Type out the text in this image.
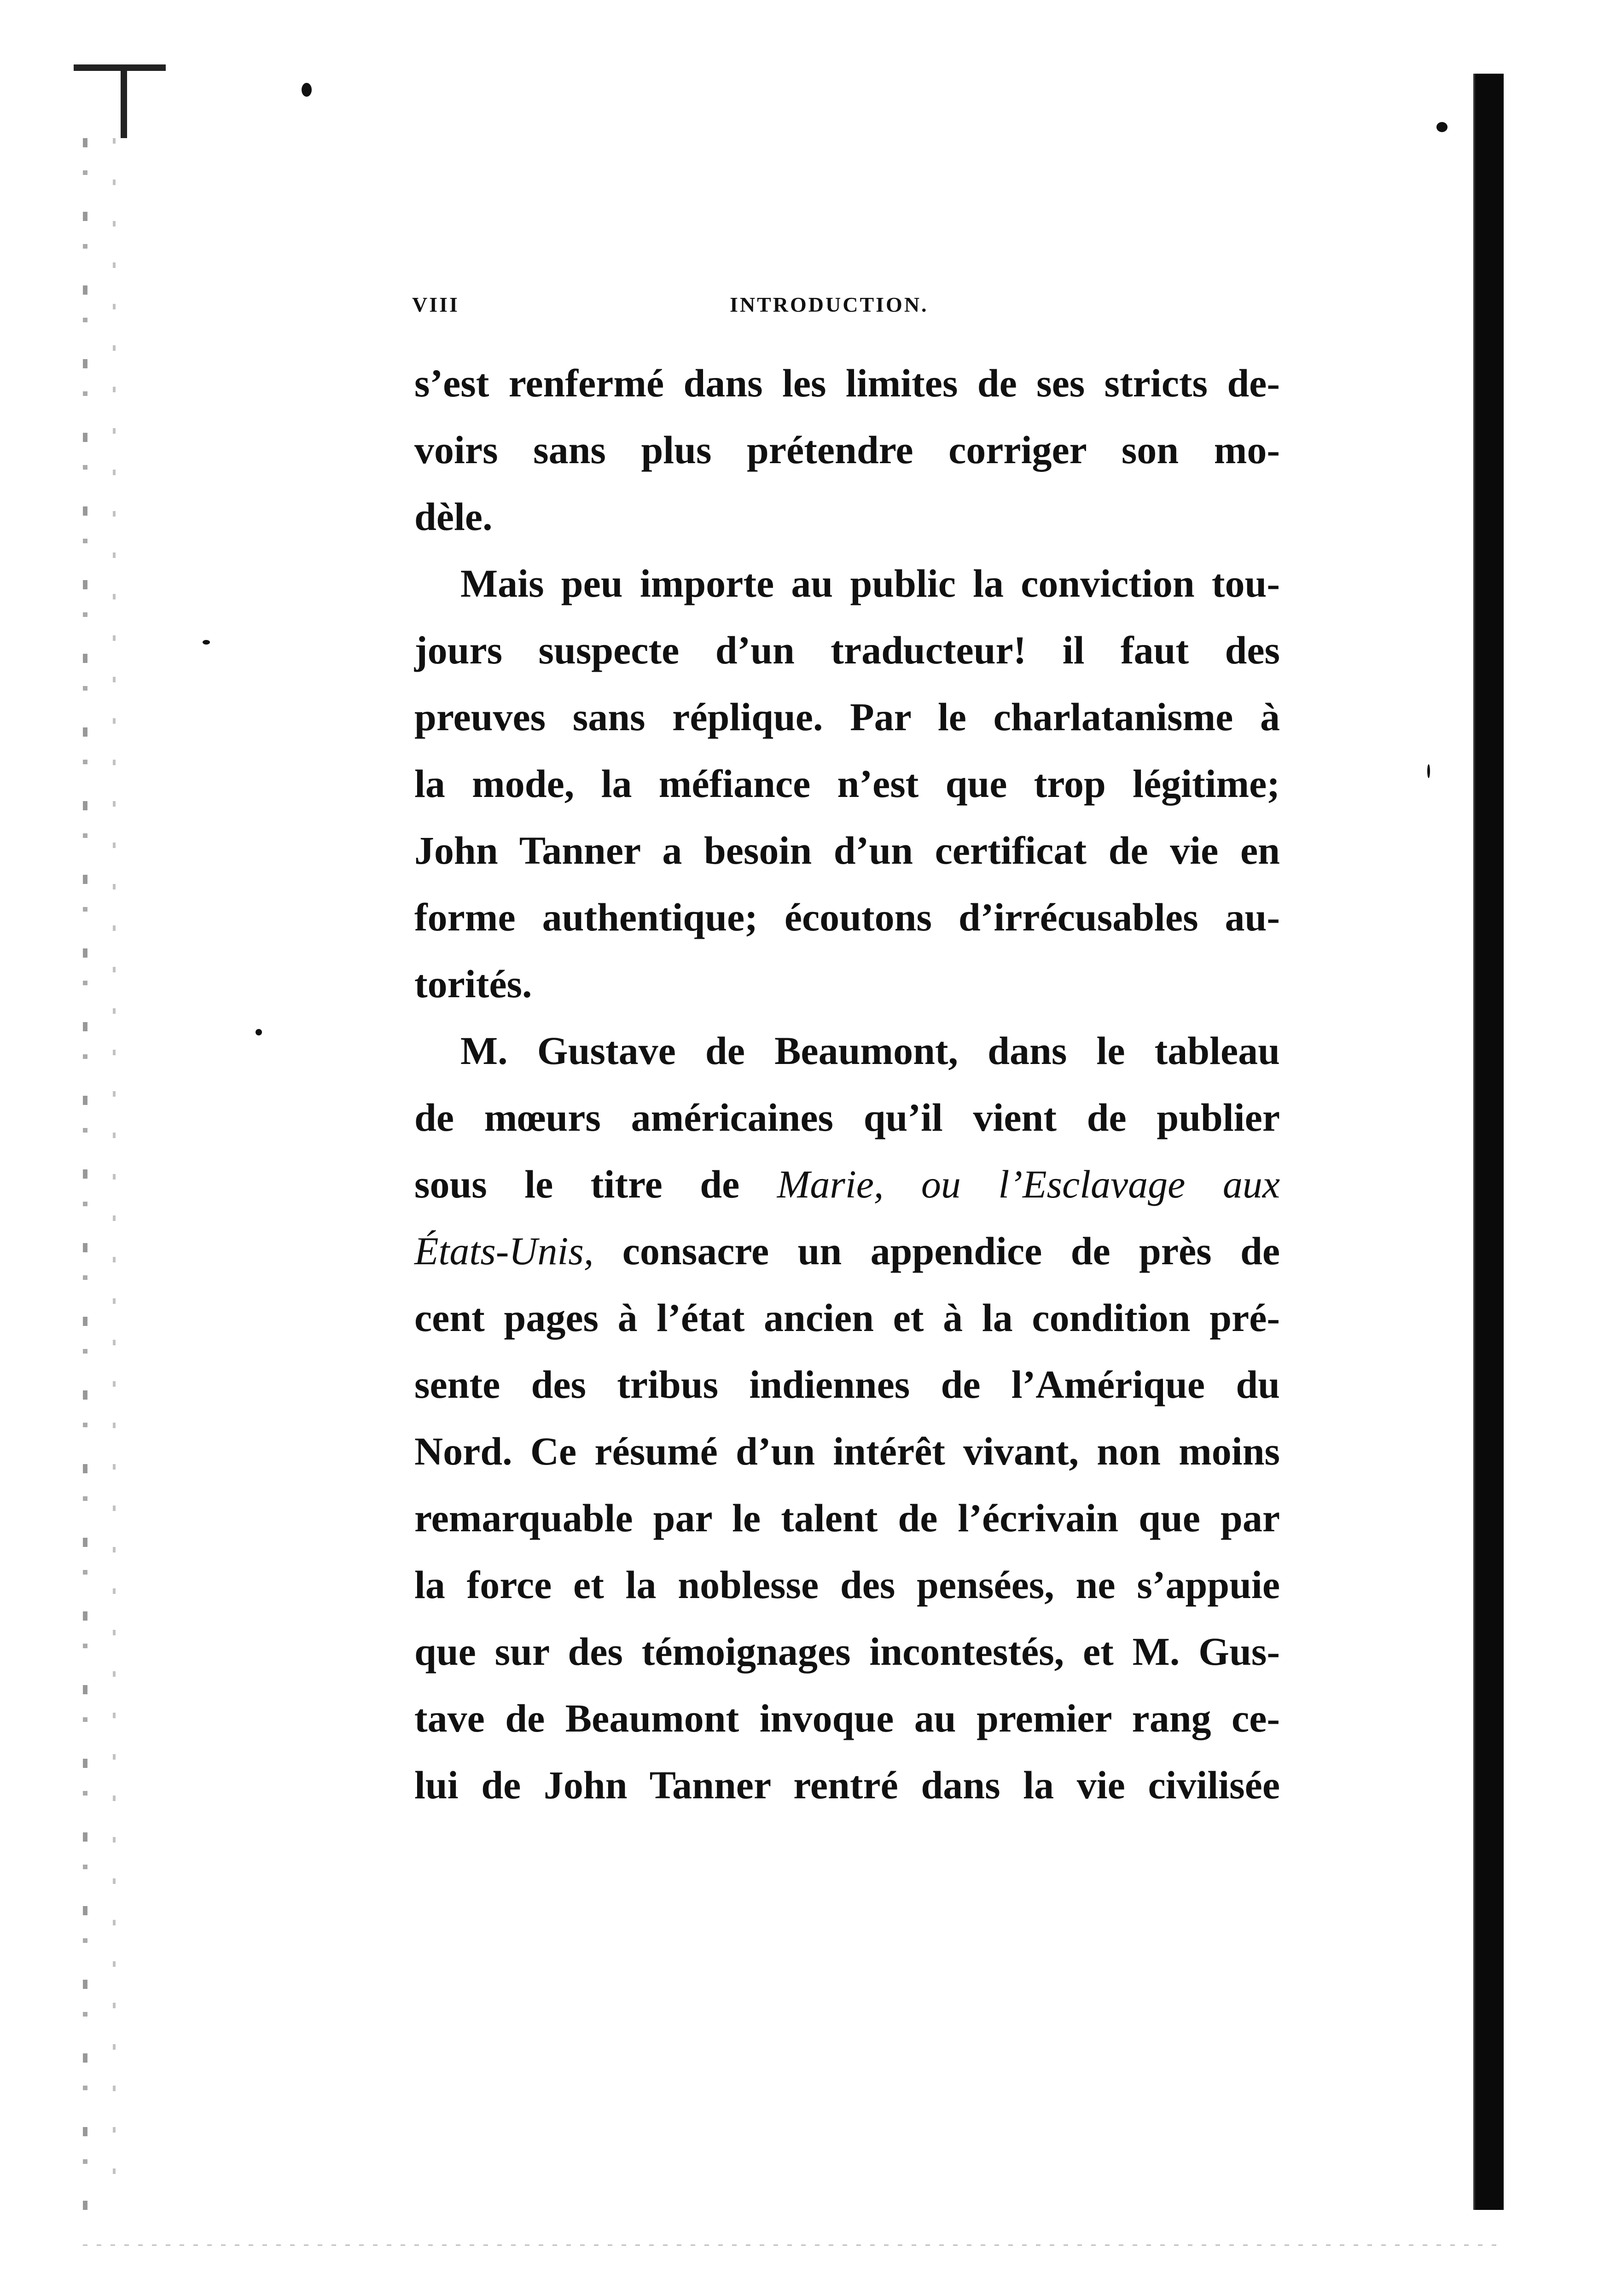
VIII	INTRODUCTION.
s’est renfermé dans les limites de ses stricts de-
voirs sans plus prétendre corriger son mo-
dèle.
Mais peu importe au public la conviction tou-
jours suspecte d’un traducteur! il faut des
preuves sans réplique. Par le charlatanisme à
la mode, la méfiance n’est que trop légitime;
John Tanner a besoin d’un certificat de vie en
forme authentique; écoutons d’irrécusables au-
torités.
M. Gustave de Beaumont, dans le tableau
de mœurs américaines qu’il vient de publier
sous le titre de Marie, ou l’Esclavage aux
États-Unis, consacre un appendice de près de
cent pages à l’état ancien et à la condition pré-
sente des tribus indiennes de l’Amérique du
Nord. Ce résumé d’un intérêt vivant, non moins
remarquable par le talent de l’écrivain que par
la force et la noblesse des pensées, ne s’appuie
que sur des témoignages incontestés, et M. Gus-
tave de Beaumont invoque au premier rang ce-
lui de John Tanner rentré dans la vie civilisée
